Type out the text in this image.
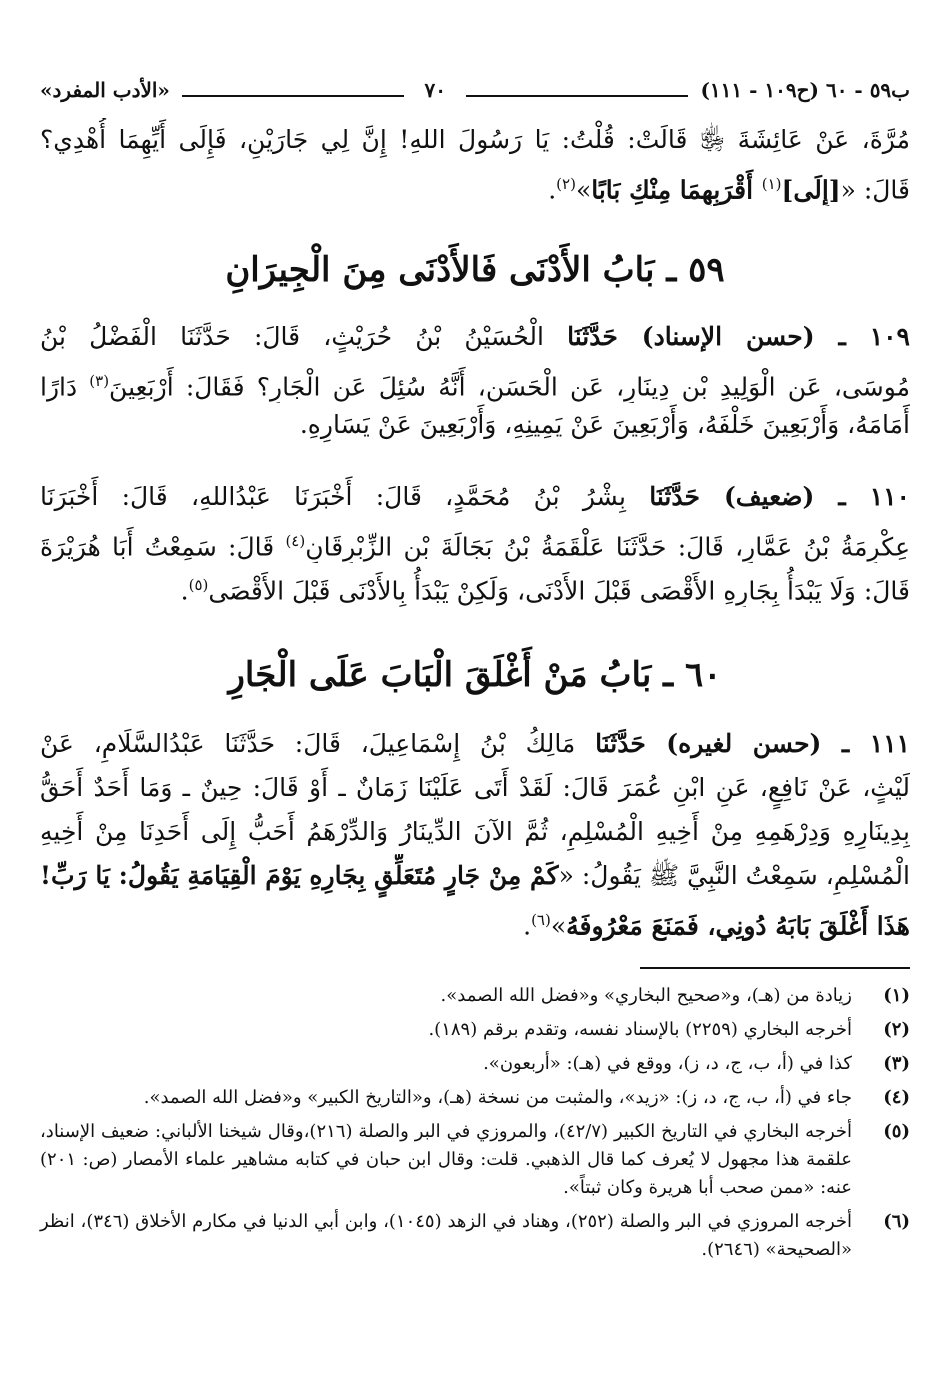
ب٥٩ - ٦٠ (ح١٠٩ - ١١١)
٧٠
«الأدب المفرد»
مُرَّةَ، عَنْ عَائِشَةَ ﵂ قَالَتْ: قُلْتُ: يَا رَسُولَ اللهِ! إِنَّ لِي جَارَيْنِ، فَإِلَى أَيِّهِمَا أُهْدِي؟
قَالَ: «[إِلَى]$^{(١)}$ أَقْرَبِهِمَا مِنْكِ بَابًا»$^{(٢)}$.
٥٩ ـ بَابُ الأَدْنَى فَالأَدْنَى مِنَ الْجِيرَانِ
١٠٩ ـ (حسن الإسناد) حَدَّثَنَا الْحُسَيْنُ بْنُ حُرَيْثٍ، قَالَ: حَدَّثَنَا الْفَضْلُ بْنُ
مُوسَى، عَنِ الْوَلِيدِ بْنِ دِينَارٍ، عَنِ الْحَسَنِ، أَنَّهُ سُئِلَ عَنِ الْجَارِ؟ فَقَالَ: أَرْبَعِينَ$^{(٣)}$ دَارًا
أَمَامَهُ، وَأَرْبَعِينَ خَلْفَهُ، وَأَرْبَعِينَ عَنْ يَمِينِهِ، وَأَرْبَعِينَ عَنْ يَسَارِهِ.
١١٠ ـ (ضعيف) حَدَّثَنَا بِشْرُ بْنُ مُحَمَّدٍ، قَالَ: أَخْبَرَنَا عَبْدُاللهِ، قَالَ: أَخْبَرَنَا
عِكْرِمَةُ بْنُ عَمَّارٍ، قَالَ: حَدَّثَنَا عَلْقَمَةُ بْنُ بَجَالَةَ بْنِ الزِّبْرِقَانِ$^{(٤)}$ قَالَ: سَمِعْتُ أَبَا هُرَيْرَةَ
قَالَ: وَلَا يَبْدَأُ بِجَارِهِ الأَقْصَى قَبْلَ الأَدْنَى، وَلَكِنْ يَبْدَأُ بِالأَدْنَى قَبْلَ الأَقْصَى$^{(٥)}$.
٦٠ ـ بَابُ مَنْ أَغْلَقَ الْبَابَ عَلَى الْجَارِ
١١١ ـ (حسن لغيره) حَدَّثَنَا مَالِكُ بْنُ إِسْمَاعِيلَ، قَالَ: حَدَّثَنَا عَبْدُالسَّلَامِ، عَنْ
لَيْثٍ، عَنْ نَافِعٍ، عَنِ ابْنِ عُمَرَ قَالَ: لَقَدْ أَتَى عَلَيْنَا زَمَانٌ ـ أَوْ قَالَ: حِينٌ ـ وَمَا أَحَدٌ أَحَقُّ
بِدِينَارِهِ وَدِرْهَمِهِ مِنْ أَخِيهِ الْمُسْلِمِ، ثُمَّ الآنَ الدِّينَارُ وَالدِّرْهَمُ أَحَبُّ إِلَى أَحَدِنَا مِنْ أَخِيهِ
الْمُسْلِمِ، سَمِعْتُ النَّبِيَّ ﷺ يَقُولُ: «كَمْ مِنْ جَارٍ مُتَعَلِّقٍ بِجَارِهِ يَوْمَ الْقِيَامَةِ يَقُولُ: يَا رَبِّ!
هَذَا أَغْلَقَ بَابَهُ دُونِي، فَمَنَعَ مَعْرُوفَهُ»$^{(٦)}$.
(١)
زيادة من (هـ)، و«صحيح البخاري» و«فضل الله الصمد».
(٢)
أخرجه البخاري (٢٢٥٩) بالإسناد نفسه، وتقدم برقم (١٨٩).
(٣)
كذا في (أ، ب، ج، د، ز)، ووقع في (هـ): «أربعون».
(٤)
جاء في (أ، ب، ج، د، ز): «زيد»، والمثبت من نسخة (هـ)، و«التاريخ الكبير» و«فضل الله الصمد».
(٥)
أخرجه البخاري في التاريخ الكبير (٤٢/٧)، والمروزي في البر والصلة (٢١٦)،وقال شيخنا الألباني: ضعيف الإسناد، علقمة هذا مجهول لا يُعرف كما قال الذهبي. قلت: وقال ابن حبان في كتابه مشاهير علماء الأمصار (ص: ٢٠١) عنه: «ممن صحب أبا هريرة وكان ثبتاً».
(٦)
أخرجه المروزي في البر والصلة (٢٥٢)، وهناد في الزهد (١٠٤٥)، وابن أبي الدنيا في مكارم الأخلاق (٣٤٦)، انظر «الصحيحة» (٢٦٤٦).
